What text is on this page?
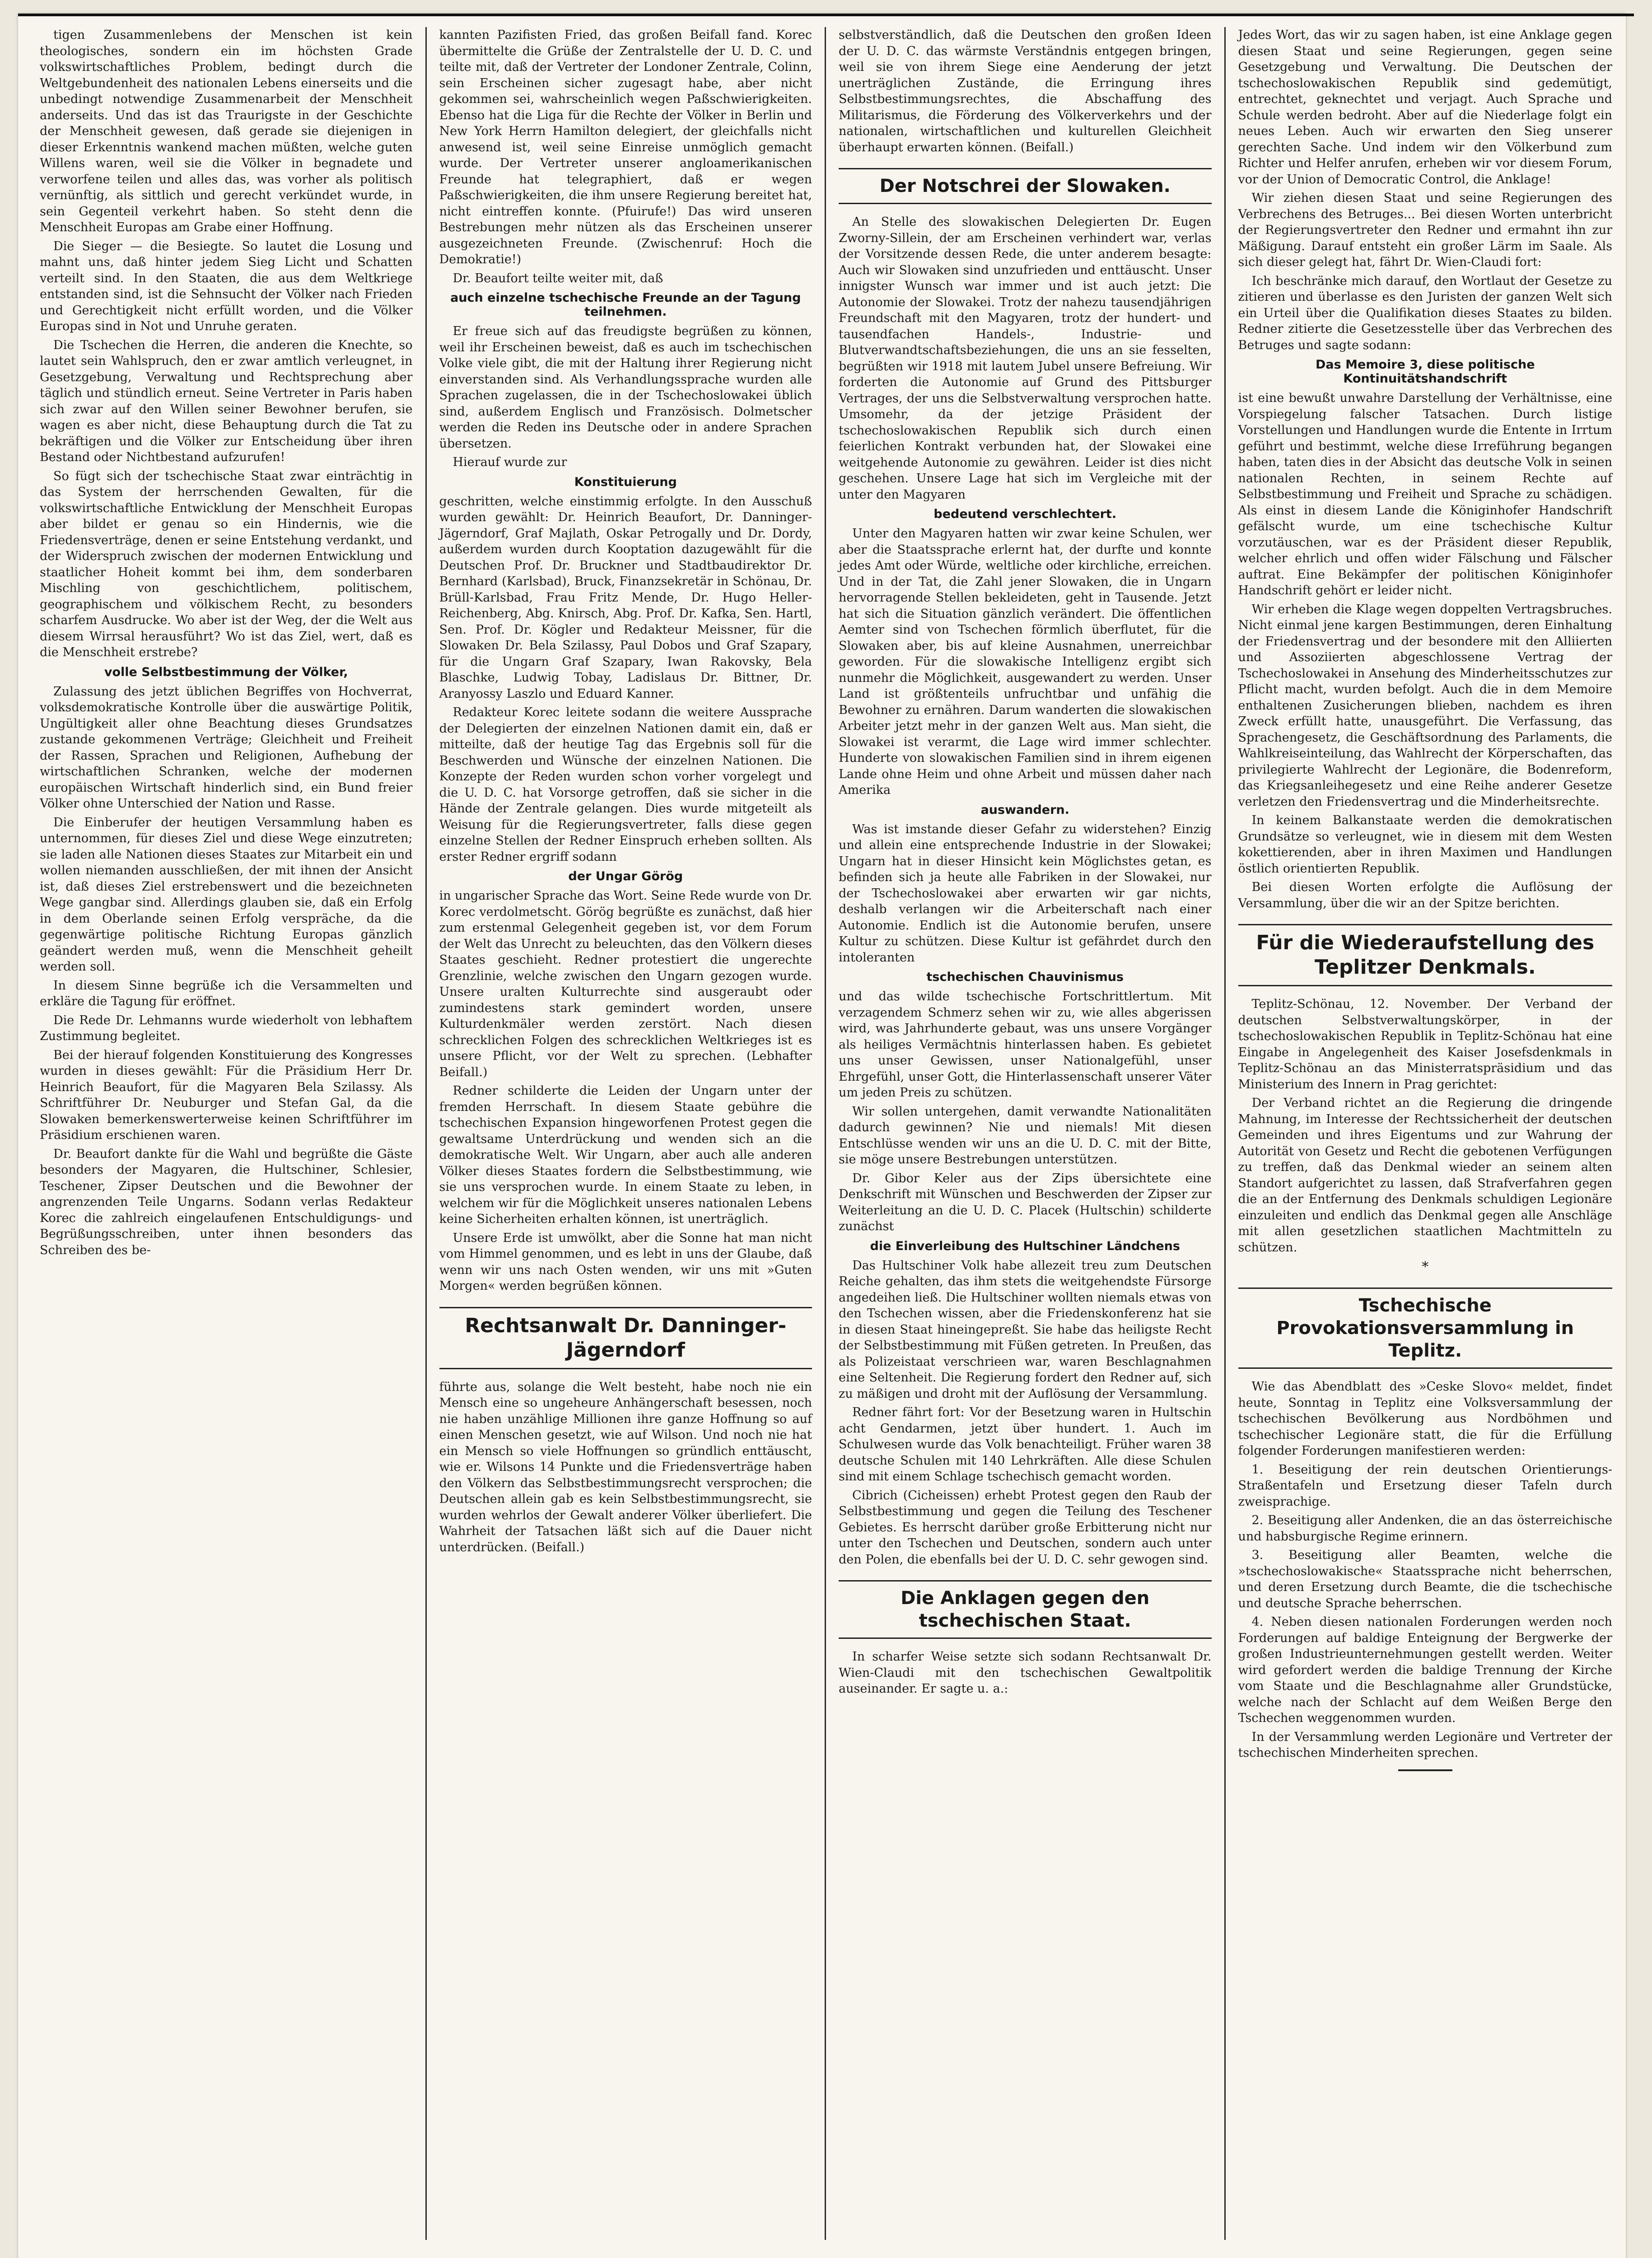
tigen Zusammenlebens der Menschen ist kein theologisches, sondern ein im höchsten Grade volkswirtschaftliches Problem, bedingt durch die Weltgebundenheit des nationalen Lebens einerseits und die unbedingt notwendige Zusammenarbeit der Menschheit anderseits. Und das ist das Traurigste in der Geschichte der Menschheit gewesen, daß gerade sie diejenigen in dieser Erkenntnis wankend machen müßten, welche guten Willens waren, weil sie die Völker in begnadete und verworfene teilen und alles das, was vorher als politisch vernünftig, als sittlich und gerecht verkündet wurde, in sein Gegenteil verkehrt haben. So steht denn die Menschheit Europas am Grabe einer Hoffnung.

Die Sieger — die Besiegte. So lautet die Losung und mahnt uns, daß hinter jedem Sieg Licht und Schatten verteilt sind. In den Staaten, die aus dem Weltkriege entstanden sind, ist die Sehnsucht der Völker nach Frieden und Gerechtigkeit nicht erfüllt worden, und die Völker Europas sind in Not und Unruhe geraten.

Die Tschechen die Herren, die anderen die Knechte, so lautet sein Wahlspruch, den er zwar amtlich verleugnet, in Gesetzgebung, Verwaltung und Rechtsprechung aber täglich und stündlich erneut. Seine Vertreter in Paris haben sich zwar auf den Willen seiner Bewohner berufen, sie wagen es aber nicht, diese Behauptung durch die Tat zu bekräftigen und die Völker zur Entscheidung über ihren Bestand oder Nichtbestand aufzurufen!

So fügt sich der tschechische Staat zwar einträchtig in das System der herrschenden Gewalten, für die volkswirtschaftliche Entwicklung der Menschheit Europas aber bildet er genau so ein Hindernis, wie die Friedensverträge, denen er seine Entstehung verdankt, und der Widerspruch zwischen der modernen Entwicklung und staatlicher Hoheit kommt bei ihm, dem sonderbaren Mischling von geschichtlichem, politischem, geographischem und völkischem Recht, zu besonders scharfem Ausdrucke. Wo aber ist der Weg, der die Welt aus diesem Wirrsal herausführt? Wo ist das Ziel, wert, daß es die Menschheit erstrebe?

volle Selbstbestimmung der Völker,

Zulassung des jetzt üblichen Begriffes von Hochverrat, volksdemokratische Kontrolle über die auswärtige Politik, Ungültigkeit aller ohne Beachtung dieses Grundsatzes zustande gekommenen Verträge; Gleichheit und Freiheit der Rassen, Sprachen und Religionen, Aufhebung der wirtschaftlichen Schranken, welche der modernen europäischen Wirtschaft hinderlich sind, ein Bund freier Völker ohne Unterschied der Nation und Rasse.

Die Einberufer der heutigen Versammlung haben es unternommen, für dieses Ziel und diese Wege einzutreten; sie laden alle Nationen dieses Staates zur Mitarbeit ein und wollen niemanden ausschließen, der mit ihnen der Ansicht ist, daß dieses Ziel erstrebenswert und die bezeichneten Wege gangbar sind. Allerdings glauben sie, daß ein Erfolg in dem Oberlande seinen Erfolg verspräche, da die gegenwärtige politische Richtung Europas gänzlich geändert werden muß, wenn die Menschheit geheilt werden soll.

In diesem Sinne begrüße ich die Versammelten und erkläre die Tagung für eröffnet.

Die Rede Dr. Lehmanns wurde wiederholt von lebhaftem Zustimmung begleitet.

Bei der hierauf folgenden Konstituierung des Kongresses wurden in dieses gewählt: Für die Präsidium Herr Dr. Heinrich Beaufort, für die Magyaren Bela Szilassy. Als Schriftführer Dr. Neuburger und Stefan Gal, da die Slowaken bemerkenswerterweise keinen Schriftführer im Präsidium erschienen waren.

Dr. Beaufort dankte für die Wahl und begrüßte die Gäste besonders der Magyaren, die Hultschiner, Schlesier, Teschener, Zipser Deutschen und die Bewohner der angrenzenden Teile Ungarns. Sodann verlas Redakteur Korec die zahlreich eingelaufenen Entschuldigungs- und Begrüßungsschreiben, unter ihnen besonders das Schreiben des be-

kannten Pazifisten Fried, das großen Beifall fand. Korec übermittelte die Grüße der Zentralstelle der U. D. C. und teilte mit, daß der Vertreter der Londoner Zentrale, Colinn, sein Erscheinen sicher zugesagt habe, aber nicht gekommen sei, wahrscheinlich wegen Paßschwierigkeiten. Ebenso hat die Liga für die Rechte der Völker in Berlin und New York Herrn Hamilton delegiert, der gleichfalls nicht anwesend ist, weil seine Einreise unmöglich gemacht wurde. Der Vertreter unserer angloamerikanischen Freunde hat telegraphiert, daß er wegen Paßschwierigkeiten, die ihm unsere Regierung bereitet hat, nicht eintreffen konnte. (Pfuirufe!) Das wird unseren Bestrebungen mehr nützen als das Erscheinen unserer ausgezeichneten Freunde. (Zwischenruf: Hoch die Demokratie!)

Dr. Beaufort teilte weiter mit, daß

auch einzelne tschechische Freunde an der Tagung teilnehmen.

Er freue sich auf das freudigste begrüßen zu können, weil ihr Erscheinen beweist, daß es auch im tschechischen Volke viele gibt, die mit der Haltung ihrer Regierung nicht einverstanden sind. Als Verhandlungssprache wurden alle Sprachen zugelassen, die in der Tschechoslowakei üblich sind, außerdem Englisch und Französisch. Dolmetscher werden die Reden ins Deutsche oder in andere Sprachen übersetzen.

Hierauf wurde zur

Konstituierung

geschritten, welche einstimmig erfolgte. In den Ausschuß wurden gewählt: Dr. Heinrich Beaufort, Dr. Danninger-Jägerndorf, Graf Majlath, Oskar Petrogally und Dr. Dordy, außerdem wurden durch Kooptation dazugewählt für die Deutschen Prof. Dr. Bruckner und Stadtbaudirektor Dr. Bernhard (Karlsbad), Bruck, Finanzsekretär in Schönau, Dr. Brüll-Karlsbad, Frau Fritz Mende, Dr. Hugo Heller-Reichenberg, Abg. Knirsch, Abg. Prof. Dr. Kafka, Sen. Hartl, Sen. Prof. Dr. Kögler und Redakteur Meissner, für die Slowaken Dr. Bela Szilassy, Paul Dobos und Graf Szapary, für die Ungarn Graf Szapary, Iwan Rakovsky, Bela Blaschke, Ludwig Tobay, Ladislaus Dr. Bittner, Dr. Aranyossy Laszlo und Eduard Kanner.

Redakteur Korec leitete sodann die weitere Aussprache der Delegierten der einzelnen Nationen damit ein, daß er mitteilte, daß der heutige Tag das Ergebnis soll für die Beschwerden und Wünsche der einzelnen Nationen. Die Konzepte der Reden wurden schon vorher vorgelegt und die U. D. C. hat Vorsorge getroffen, daß sie sicher in die Hände der Zentrale gelangen. Dies wurde mitgeteilt als Weisung für die Regierungsvertreter, falls diese gegen einzelne Stellen der Redner Einspruch erheben sollten. Als erster Redner ergriff sodann

der Ungar Görög

in ungarischer Sprache das Wort. Seine Rede wurde von Dr. Korec verdolmetscht. Görög begrüßte es zunächst, daß hier zum erstenmal Gelegenheit gegeben ist, vor dem Forum der Welt das Unrecht zu beleuchten, das den Völkern dieses Staates geschieht. Redner protestiert die ungerechte Grenzlinie, welche zwischen den Ungarn gezogen wurde. Unsere uralten Kulturrechte sind ausgeraubt oder zumindestens stark gemindert worden, unsere Kulturdenkmäler werden zerstört. Nach diesen schrecklichen Folgen des schrecklichen Weltkrieges ist es unsere Pflicht, vor der Welt zu sprechen. (Lebhafter Beifall.)

Redner schilderte die Leiden der Ungarn unter der fremden Herrschaft. In diesem Staate gebühre die tschechischen Expansion hingeworfenen Protest gegen die gewaltsame Unterdrückung und wenden sich an die demokratische Welt. Wir Ungarn, aber auch alle anderen Völker dieses Staates fordern die Selbstbestimmung, wie sie uns versprochen wurde. In einem Staate zu leben, in welchem wir für die Möglichkeit unseres nationalen Lebens keine Sicherheiten erhalten können, ist unerträglich.

Unsere Erde ist umwölkt, aber die Sonne hat man nicht vom Himmel genommen, und es lebt in uns der Glaube, daß wenn wir uns nach Osten wenden, wir uns mit »Guten Morgen« werden begrüßen können.

Rechtsanwalt Dr. Danninger-Jägerndorf

führte aus, solange die Welt besteht, habe noch nie ein Mensch eine so ungeheure Anhängerschaft besessen, noch nie haben unzählige Millionen ihre ganze Hoffnung so auf einen Menschen gesetzt, wie auf Wilson. Und noch nie hat ein Mensch so viele Hoffnungen so gründlich enttäuscht, wie er. Wilsons 14 Punkte und die Friedensverträge haben den Völkern das Selbstbestimmungsrecht versprochen; die Deutschen allein gab es kein Selbstbestimmungsrecht, sie wurden wehrlos der Gewalt anderer Völker überliefert. Die Wahrheit der Tatsachen läßt sich auf die Dauer nicht unterdrücken. (Beifall.)

selbstverständlich, daß die Deutschen den großen Ideen der U. D. C. das wärmste Verständnis entgegen bringen, weil sie von ihrem Siege eine Aenderung der jetzt unerträglichen Zustände, die Erringung ihres Selbstbestimmungsrechtes, die Abschaffung des Militarismus, die Förderung des Völkerverkehrs und der nationalen, wirtschaftlichen und kulturellen Gleichheit überhaupt erwarten können. (Beifall.)

Der Notschrei der Slowaken.

An Stelle des slowakischen Delegierten Dr. Eugen Zworny-Sillein, der am Erscheinen verhindert war, verlas der Vorsitzende dessen Rede, die unter anderem besagte: Auch wir Slowaken sind unzufrieden und enttäuscht. Unser innigster Wunsch war immer und ist auch jetzt: Die Autonomie der Slowakei. Trotz der nahezu tausendjährigen Freundschaft mit den Magyaren, trotz der hundert- und tausendfachen Handels-, Industrie- und Blutverwandtschaftsbeziehungen, die uns an sie fesselten, begrüßten wir 1918 mit lautem Jubel unsere Befreiung. Wir forderten die Autonomie auf Grund des Pittsburger Vertrages, der uns die Selbstverwaltung versprochen hatte. Umsomehr, da der jetzige Präsident der tschechoslowakischen Republik sich durch einen feierlichen Kontrakt verbunden hat, der Slowakei eine weitgehende Autonomie zu gewähren. Leider ist dies nicht geschehen. Unsere Lage hat sich im Vergleiche mit der unter den Magyaren

bedeutend verschlechtert.

Unter den Magyaren hatten wir zwar keine Schulen, wer aber die Staatssprache erlernt hat, der durfte und konnte jedes Amt oder Würde, weltliche oder kirchliche, erreichen. Und in der Tat, die Zahl jener Slowaken, die in Ungarn hervorragende Stellen bekleideten, geht in Tausende. Jetzt hat sich die Situation gänzlich verändert. Die öffentlichen Aemter sind von Tschechen förmlich überflutet, für die Slowaken aber, bis auf kleine Ausnahmen, unerreichbar geworden. Für die slowakische Intelligenz ergibt sich nunmehr die Möglichkeit, ausgewandert zu werden. Unser Land ist größtenteils unfruchtbar und unfähig die Bewohner zu ernähren. Darum wanderten die slowakischen Arbeiter jetzt mehr in der ganzen Welt aus. Man sieht, die Slowakei ist verarmt, die Lage wird immer schlechter. Hunderte von slowakischen Familien sind in ihrem eigenen Lande ohne Heim und ohne Arbeit und müssen daher nach Amerika

auswandern.

Was ist imstande dieser Gefahr zu widerstehen? Einzig und allein eine entsprechende Industrie in der Slowakei; Ungarn hat in dieser Hinsicht kein Möglichstes getan, es befinden sich ja heute alle Fabriken in der Slowakei, nur der Tschechoslowakei aber erwarten wir gar nichts, deshalb verlangen wir die Arbeiterschaft nach einer Autonomie. Endlich ist die Autonomie berufen, unsere Kultur zu schützen. Diese Kultur ist gefährdet durch den intoleranten

tschechischen Chauvinismus

und das wilde tschechische Fortschrittlertum. Mit verzagendem Schmerz sehen wir zu, wie alles abgerissen wird, was Jahrhunderte gebaut, was uns unsere Vorgänger als heiliges Vermächtnis hinterlassen haben. Es gebietet uns unser Gewissen, unser Nationalgefühl, unser Ehrgefühl, unser Gott, die Hinterlassenschaft unserer Väter um jeden Preis zu schützen.

Wir sollen untergehen, damit verwandte Nationalitäten dadurch gewinnen? Nie und niemals! Mit diesen Entschlüsse wenden wir uns an die U. D. C. mit der Bitte, sie möge unsere Bestrebungen unterstützen.

Dr. Gibor Keler aus der Zips übersichtete eine Denkschrift mit Wünschen und Beschwerden der Zipser zur Weiterleitung an die U. D. C. Placek (Hultschin) schilderte zunächst

die Einverleibung des Hultschiner Ländchens

Das Hultschiner Volk habe allezeit treu zum Deutschen Reiche gehalten, das ihm stets die weitgehendste Fürsorge angedeihen ließ. Die Hultschiner wollten niemals etwas von den Tschechen wissen, aber die Friedenskonferenz hat sie in diesen Staat hineingepreßt. Sie habe das heiligste Recht der Selbstbestimmung mit Füßen getreten. In Preußen, das als Polizeistaat verschrieen war, waren Beschlagnahmen eine Seltenheit. Die Regierung fordert den Redner auf, sich zu mäßigen und droht mit der Auflösung der Versammlung.

Redner fährt fort: Vor der Besetzung waren in Hultschin acht Gendarmen, jetzt über hundert. 1. Auch im Schulwesen wurde das Volk benachteiligt. Früher waren 38 deutsche Schulen mit 140 Lehrkräften. Alle diese Schulen sind mit einem Schlage tschechisch gemacht worden.

Cibrich (Cicheissen) erhebt Protest gegen den Raub der Selbstbestimmung und gegen die Teilung des Teschener Gebietes. Es herrscht darüber große Erbitterung nicht nur unter den Tschechen und Deutschen, sondern auch unter den Polen, die ebenfalls bei der U. D. C. sehr gewogen sind.

Die Anklagen gegen den tschechischen Staat.

In scharfer Weise setzte sich sodann Rechtsanwalt Dr. Wien-Claudi mit den tschechischen Gewaltpolitik auseinander. Er sagte u. a.:

Jedes Wort, das wir zu sagen haben, ist eine Anklage gegen diesen Staat und seine Regierungen, gegen seine Gesetzgebung und Verwaltung. Die Deutschen der tschechoslowakischen Republik sind gedemütigt, entrechtet, geknechtet und verjagt. Auch Sprache und Schule werden bedroht. Aber auf die Niederlage folgt ein neues Leben. Auch wir erwarten den Sieg unserer gerechten Sache. Und indem wir den Völkerbund zum Richter und Helfer anrufen, erheben wir vor diesem Forum, vor der Union of Democratic Control, die Anklage!

Wir ziehen diesen Staat und seine Regierungen des Verbrechens des Betruges... Bei diesen Worten unterbricht der Regierungsvertreter den Redner und ermahnt ihn zur Mäßigung. Darauf entsteht ein großer Lärm im Saale. Als sich dieser gelegt hat, fährt Dr. Wien-Claudi fort:

Ich beschränke mich darauf, den Wortlaut der Gesetze zu zitieren und überlasse es den Juristen der ganzen Welt sich ein Urteil über die Qualifikation dieses Staates zu bilden. Redner zitierte die Gesetzesstelle über das Verbrechen des Betruges und sagte sodann:

Das Memoire 3, diese politische Kontinuitätshandschrift

ist eine bewußt unwahre Darstellung der Verhältnisse, eine Vorspiegelung falscher Tatsachen. Durch listige Vorstellungen und Handlungen wurde die Entente in Irrtum geführt und bestimmt, welche diese Irreführung begangen haben, taten dies in der Absicht das deutsche Volk in seinen nationalen Rechten, in seinem Rechte auf Selbstbestimmung und Freiheit und Sprache zu schädigen. Als einst in diesem Lande die Königinhofer Handschrift gefälscht wurde, um eine tschechische Kultur vorzutäuschen, war es der Präsident dieser Republik, welcher ehrlich und offen wider Fälschung und Fälscher auftrat. Eine Bekämpfer der politischen Königinhofer Handschrift gehört er leider nicht.

Wir erheben die Klage wegen doppelten Vertragsbruches. Nicht einmal jene kargen Bestimmungen, deren Einhaltung der Friedensvertrag und der besondere mit den Alliierten und Assoziierten abgeschlossene Vertrag der Tschechoslowakei in Ansehung des Minderheitsschutzes zur Pflicht macht, wurden befolgt. Auch die in dem Memoire enthaltenen Zusicherungen blieben, nachdem es ihren Zweck erfüllt hatte, unausgeführt. Die Verfassung, das Sprachengesetz, die Geschäftsordnung des Parlaments, die Wahlkreiseinteilung, das Wahlrecht der Körperschaften, das privilegierte Wahlrecht der Legionäre, die Bodenreform, das Kriegsanleihegesetz und eine Reihe anderer Gesetze verletzen den Friedensvertrag und die Minderheitsrechte.

In keinem Balkanstaate werden die demokratischen Grundsätze so verleugnet, wie in diesem mit dem Westen kokettierenden, aber in ihren Maximen und Handlungen östlich orientierten Republik.

Bei diesen Worten erfolgte die Auflösung der Versammlung, über die wir an der Spitze berichten.

Für die Wiederaufstellung des Teplitzer Denkmals.

Teplitz-Schönau, 12. November. Der Verband der deutschen Selbstverwaltungskörper, in der tschechoslowakischen Republik in Teplitz-Schönau hat eine Eingabe in Angelegenheit des Kaiser Josefsdenkmals in Teplitz-Schönau an das Ministerratspräsidium und das Ministerium des Innern in Prag gerichtet:

Der Verband richtet an die Regierung die dringende Mahnung, im Interesse der Rechtssicherheit der deutschen Gemeinden und ihres Eigentums und zur Wahrung der Autorität von Gesetz und Recht die gebotenen Verfügungen zu treffen, daß das Denkmal wieder an seinem alten Standort aufgerichtet zu lassen, daß Strafverfahren gegen die an der Entfernung des Denkmals schuldigen Legionäre einzuleiten und endlich das Denkmal gegen alle Anschläge mit allen gesetzlichen staatlichen Machtmitteln zu schützen.

*
Tschechische Provokationsversammlung in Teplitz.

Wie das Abendblatt des »Ceske Slovo« meldet, findet heute, Sonntag in Teplitz eine Volksversammlung der tschechischen Bevölkerung aus Nordböhmen und tschechischer Legionäre statt, die für die Erfüllung folgender Forderungen manifestieren werden:

1. Beseitigung der rein deutschen Orientierungs-Straßentafeln und Ersetzung dieser Tafeln durch zweisprachige.

2. Beseitigung aller Andenken, die an das österreichische und habsburgische Regime erinnern.

3. Beseitigung aller Beamten, welche die »tschechoslowakische« Staatssprache nicht beherrschen, und deren Ersetzung durch Beamte, die die tschechische und deutsche Sprache beherrschen.

4. Neben diesen nationalen Forderungen werden noch Forderungen auf baldige Enteignung der Bergwerke der großen Industrieunternehmungen gestellt werden. Weiter wird gefordert werden die baldige Trennung der Kirche vom Staate und die Beschlagnahme aller Grundstücke, welche nach der Schlacht auf dem Weißen Berge den Tschechen weggenommen wurden.

In der Versammlung werden Legionäre und Vertreter der tschechischen Minderheiten sprechen.
